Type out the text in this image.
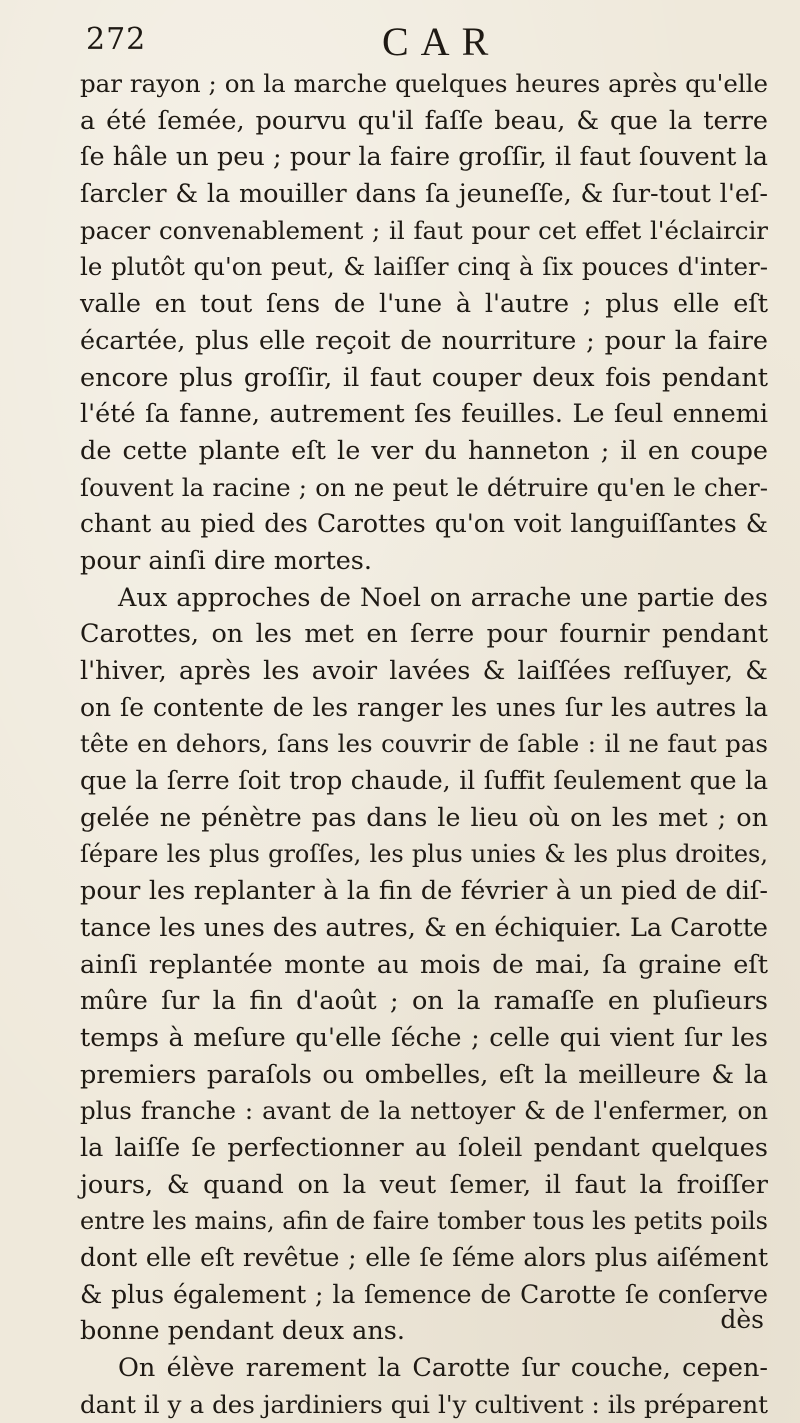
272	CAR
par rayon ; on la marche quelques heures après qu'elle
a été ſemée, pourvu qu'il faſſe beau, & que la terre
ſe hâle un peu ; pour la faire groſſir, il faut ſouvent la
ſarcler & la mouiller dans ſa jeuneſſe, & ſur-tout l'eſ-
pacer convenablement ; il faut pour cet effet l'éclaircir
le plutôt qu'on peut, & laiſſer cinq à ſix pouces d'inter-
valle en tout ſens de l'une à l'autre ; plus elle eſt
écartée, plus elle reçoit de nourriture ; pour la faire
encore plus groſſir, il faut couper deux fois pendant
l'été ſa fanne, autrement ſes feuilles. Le ſeul ennemi
de cette plante eſt le ver du hanneton ; il en coupe
ſouvent la racine ; on ne peut le détruire qu'en le cher-
chant au pied des Carottes qu'on voit languiſſantes &
pour ainſi dire mortes.
Aux approches de Noel on arrache une partie des
Carottes, on les met en ſerre pour fournir pendant
l'hiver, après les avoir lavées & laiſſées reſſuyer, &
on ſe contente de les ranger les unes ſur les autres la
tête en dehors, ſans les couvrir de ſable : il ne faut pas
que la ſerre ſoit trop chaude, il ſuffit ſeulement que la
gelée ne pénètre pas dans le lieu où on les met ; on
ſépare les plus groſſes, les plus unies & les plus droites,
pour les replanter à la fin de février à un pied de diſ-
tance les unes des autres, & en échiquier. La Carotte
ainſi replantée monte au mois de mai, ſa graine eſt
mûre ſur la fin d'août ; on la ramaſſe en pluſieurs
temps à meſure qu'elle ſéche ; celle qui vient ſur les
premiers paraſols ou ombelles, eſt la meilleure & la
plus franche : avant de la nettoyer & de l'enfermer, on
la laiſſe ſe perfectionner au ſoleil pendant quelques
jours, & quand on la veut ſemer, il faut la froiſſer
entre les mains, afin de faire tomber tous les petits poils
dont elle eſt revêtue ; elle ſe ſéme alors plus aiſément
& plus également ; la ſemence de Carotte ſe conſerve
bonne pendant deux ans.
On élève rarement la Carotte ſur couche, cepen-
dant il y a des jardiniers qui l'y cultivent : ils préparent
dès
